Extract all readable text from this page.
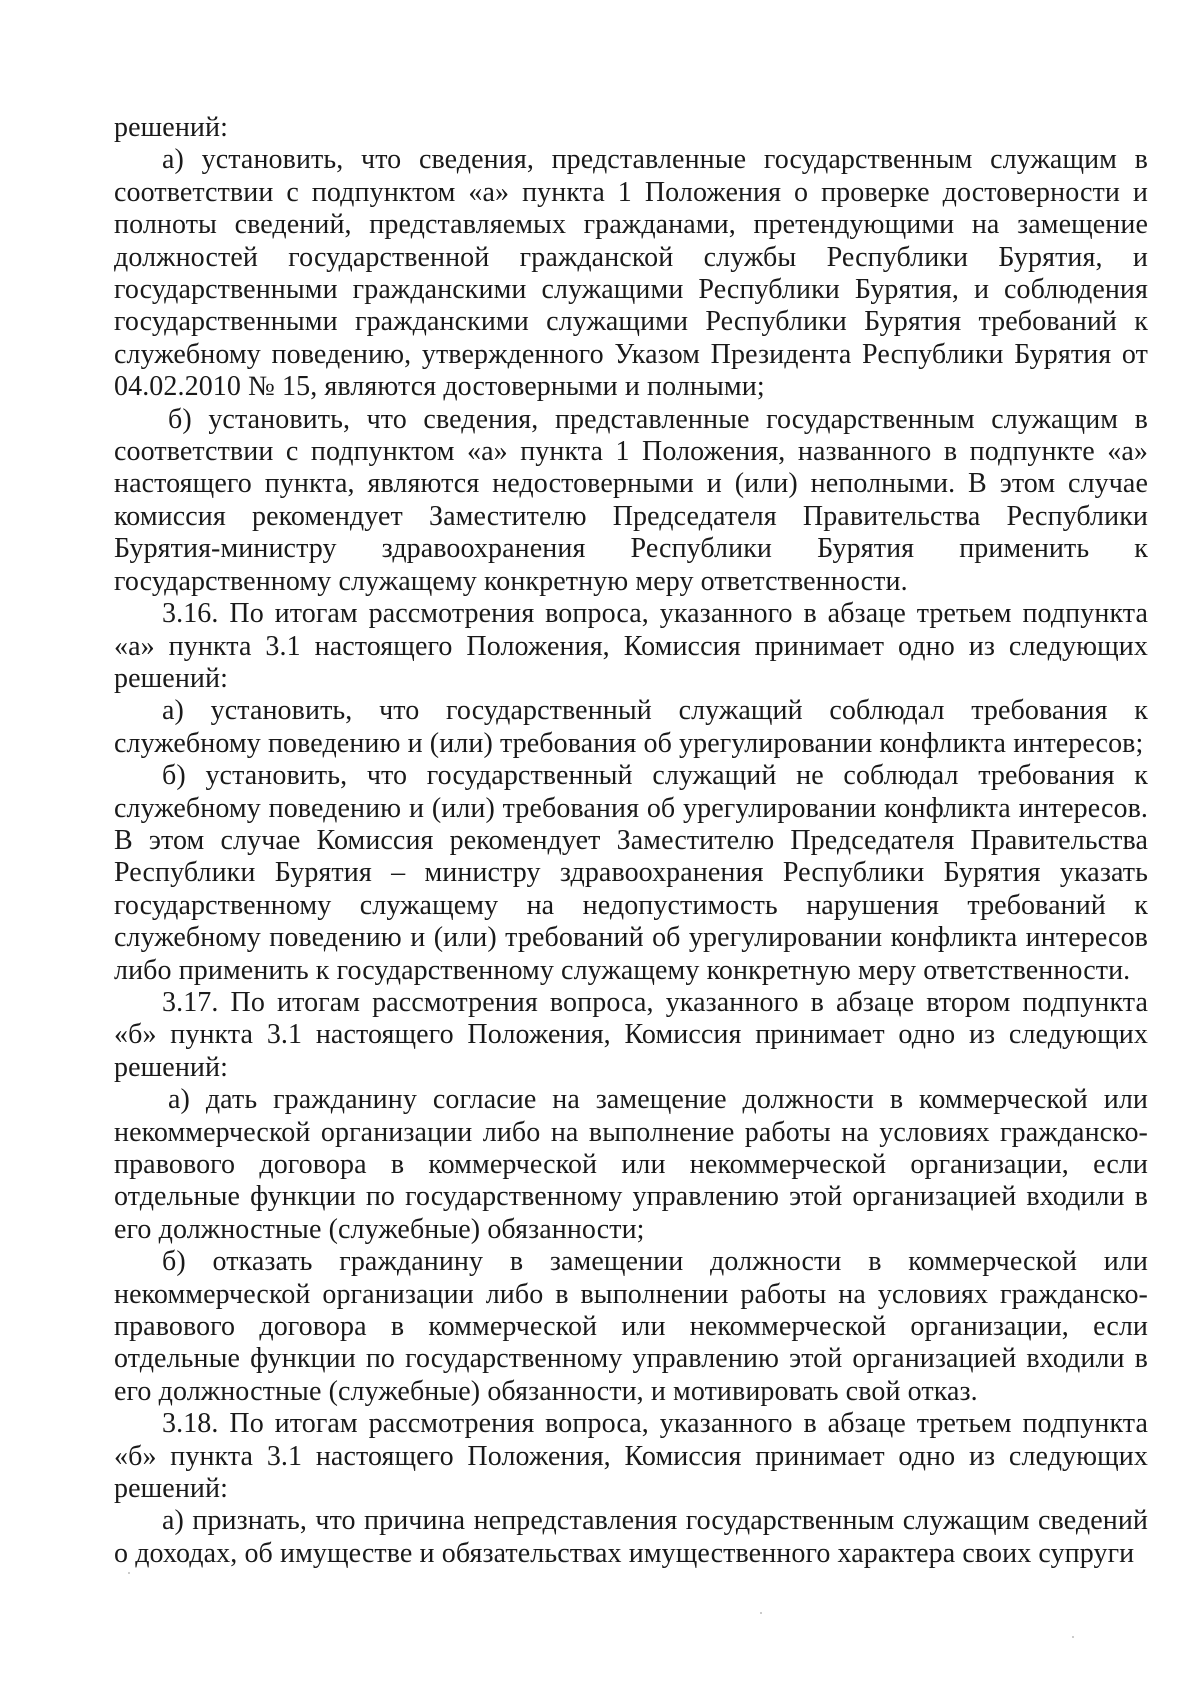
решений:

а) установить, что сведения, представленные государственным служащим в соответствии с подпунктом «а» пункта 1 Положения о проверке достоверности и полноты сведений, представляемых гражданами, претендующими на замещение должностей государственной гражданской службы Республики Бурятия, и государственными гражданскими служащими Республики Бурятия, и соблюдения государственными гражданскими служащими Республики Бурятия требований к служебному поведению, утвержденного Указом Президента Республики Бурятия от 04.02.2010 № 15, являются достоверными и полными;

б) установить, что сведения, представленные государственным служащим в соответствии с подпунктом «а» пункта 1 Положения, названного в подпункте «а» настоящего пункта, являются недостоверными и (или) неполными. В этом случае комиссия рекомендует Заместителю Председателя Правительства Республики Бурятия-министру здравоохранения Республики Бурятия применить к государственному служащему конкретную меру ответственности.

3.16. По итогам рассмотрения вопроса, указанного в абзаце третьем подпункта «а» пункта 3.1 настоящего Положения, Комиссия принимает одно из следующих решений:

а) установить, что государственный служащий соблюдал требования к служебному поведению и (или) требования об урегулировании конфликта интересов;

б) установить, что государственный служащий не соблюдал требования к служебному поведению и (или) требования об урегулировании конфликта интересов. В этом случае Комиссия рекомендует Заместителю Председателя Правительства Республики Бурятия – министру здравоохранения Республики Бурятия указать государственному служащему на недопустимость нарушения требований к служебному поведению и (или) требований об урегулировании конфликта интересов либо применить к государственному служащему конкретную меру ответственности.

3.17. По итогам рассмотрения вопроса, указанного в абзаце втором подпункта «б» пункта 3.1 настоящего Положения, Комиссия принимает одно из следующих решений:

а) дать гражданину согласие на замещение должности в коммерческой или некоммерческой организации либо на выполнение работы на условиях гражданско-правового договора в коммерческой или некоммерческой организации, если отдельные функции по государственному управлению этой организацией входили в его должностные (служебные) обязанности;

б) отказать гражданину в замещении должности в коммерческой или некоммерческой организации либо в выполнении работы на условиях гражданско-правового договора в коммерческой или некоммерческой организации, если отдельные функции по государственному управлению этой организацией входили в его должностные (служебные) обязанности, и мотивировать свой отказ.

3.18. По итогам рассмотрения вопроса, указанного в абзаце третьем подпункта «б» пункта 3.1 настоящего Положения, Комиссия принимает одно из следующих решений:

а) признать, что причина непредставления государственным служащим сведений о доходах, об имуществе и обязательствах имущественного характера своих супруги
